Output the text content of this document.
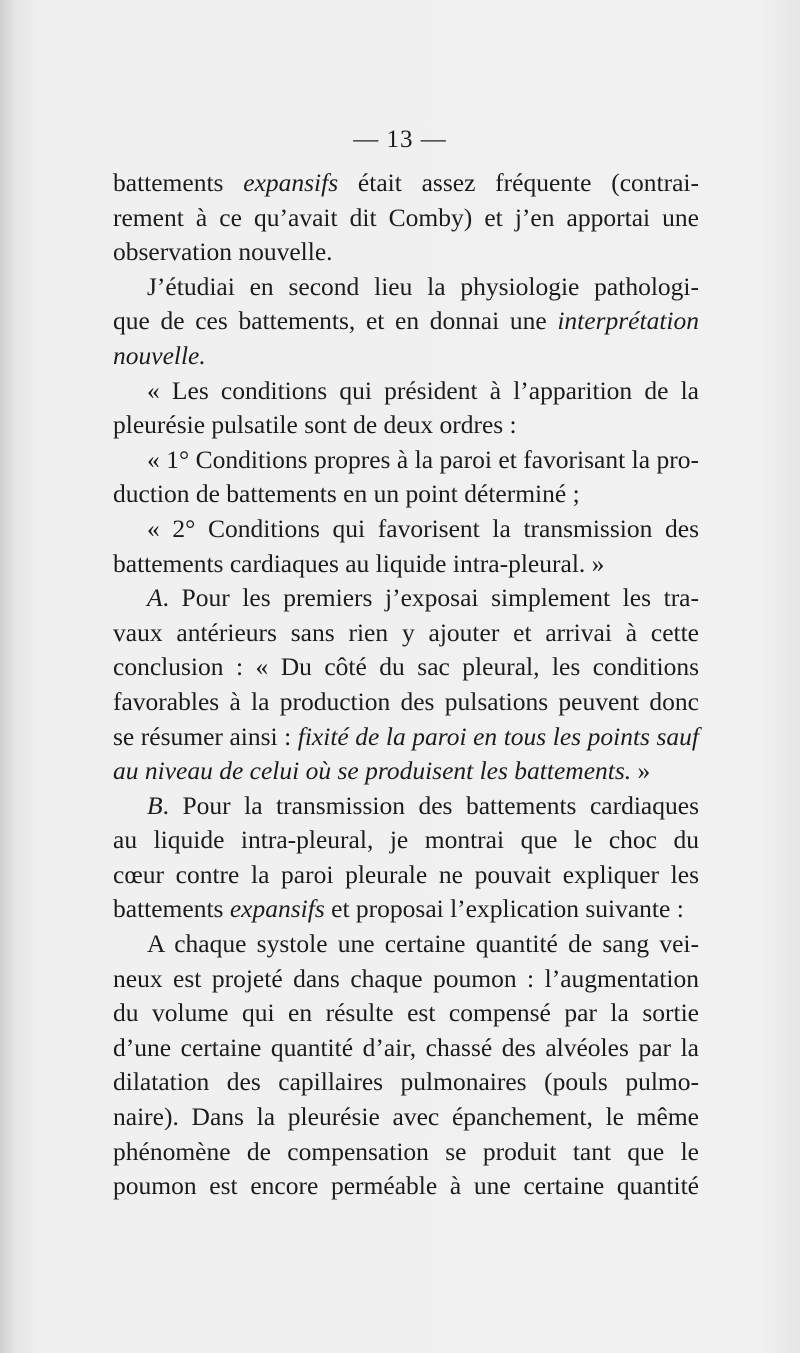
— 13 —
battements expansifs était assez fréquente (contrai-
rement à ce qu’avait dit Comby) et j’en apportai une
observation nouvelle.
J’étudiai en second lieu la physiologie pathologi-
que de ces battements, et en donnai une interprétation
nouvelle.
« Les conditions qui président à l’apparition de la
pleurésie pulsatile sont de deux ordres :
« 1° Conditions propres à la paroi et favorisant la pro-
duction de battements en un point déterminé ;
« 2° Conditions qui favorisent la transmission des
battements cardiaques au liquide intra-pleural. »
A. Pour les premiers j’exposai simplement les tra-
vaux antérieurs sans rien y ajouter et arrivai à cette
conclusion : « Du côté du sac pleural, les conditions
favorables à la production des pulsations peuvent donc
se résumer ainsi : fixité de la paroi en tous les points sauf
au niveau de celui où se produisent les battements. »
B. Pour la transmission des battements cardiaques
au liquide intra-pleural, je montrai que le choc du
cœur contre la paroi pleurale ne pouvait expliquer les
battements expansifs et proposai l’explication suivante :
A chaque systole une certaine quantité de sang vei-
neux est projeté dans chaque poumon : l’augmentation
du volume qui en résulte est compensé par la sortie
d’une certaine quantité d’air, chassé des alvéoles par la
dilatation des capillaires pulmonaires (pouls pulmo-
naire). Dans la pleurésie avec épanchement, le même
phénomène de compensation se produit tant que le
poumon est encore perméable à une certaine quantité
